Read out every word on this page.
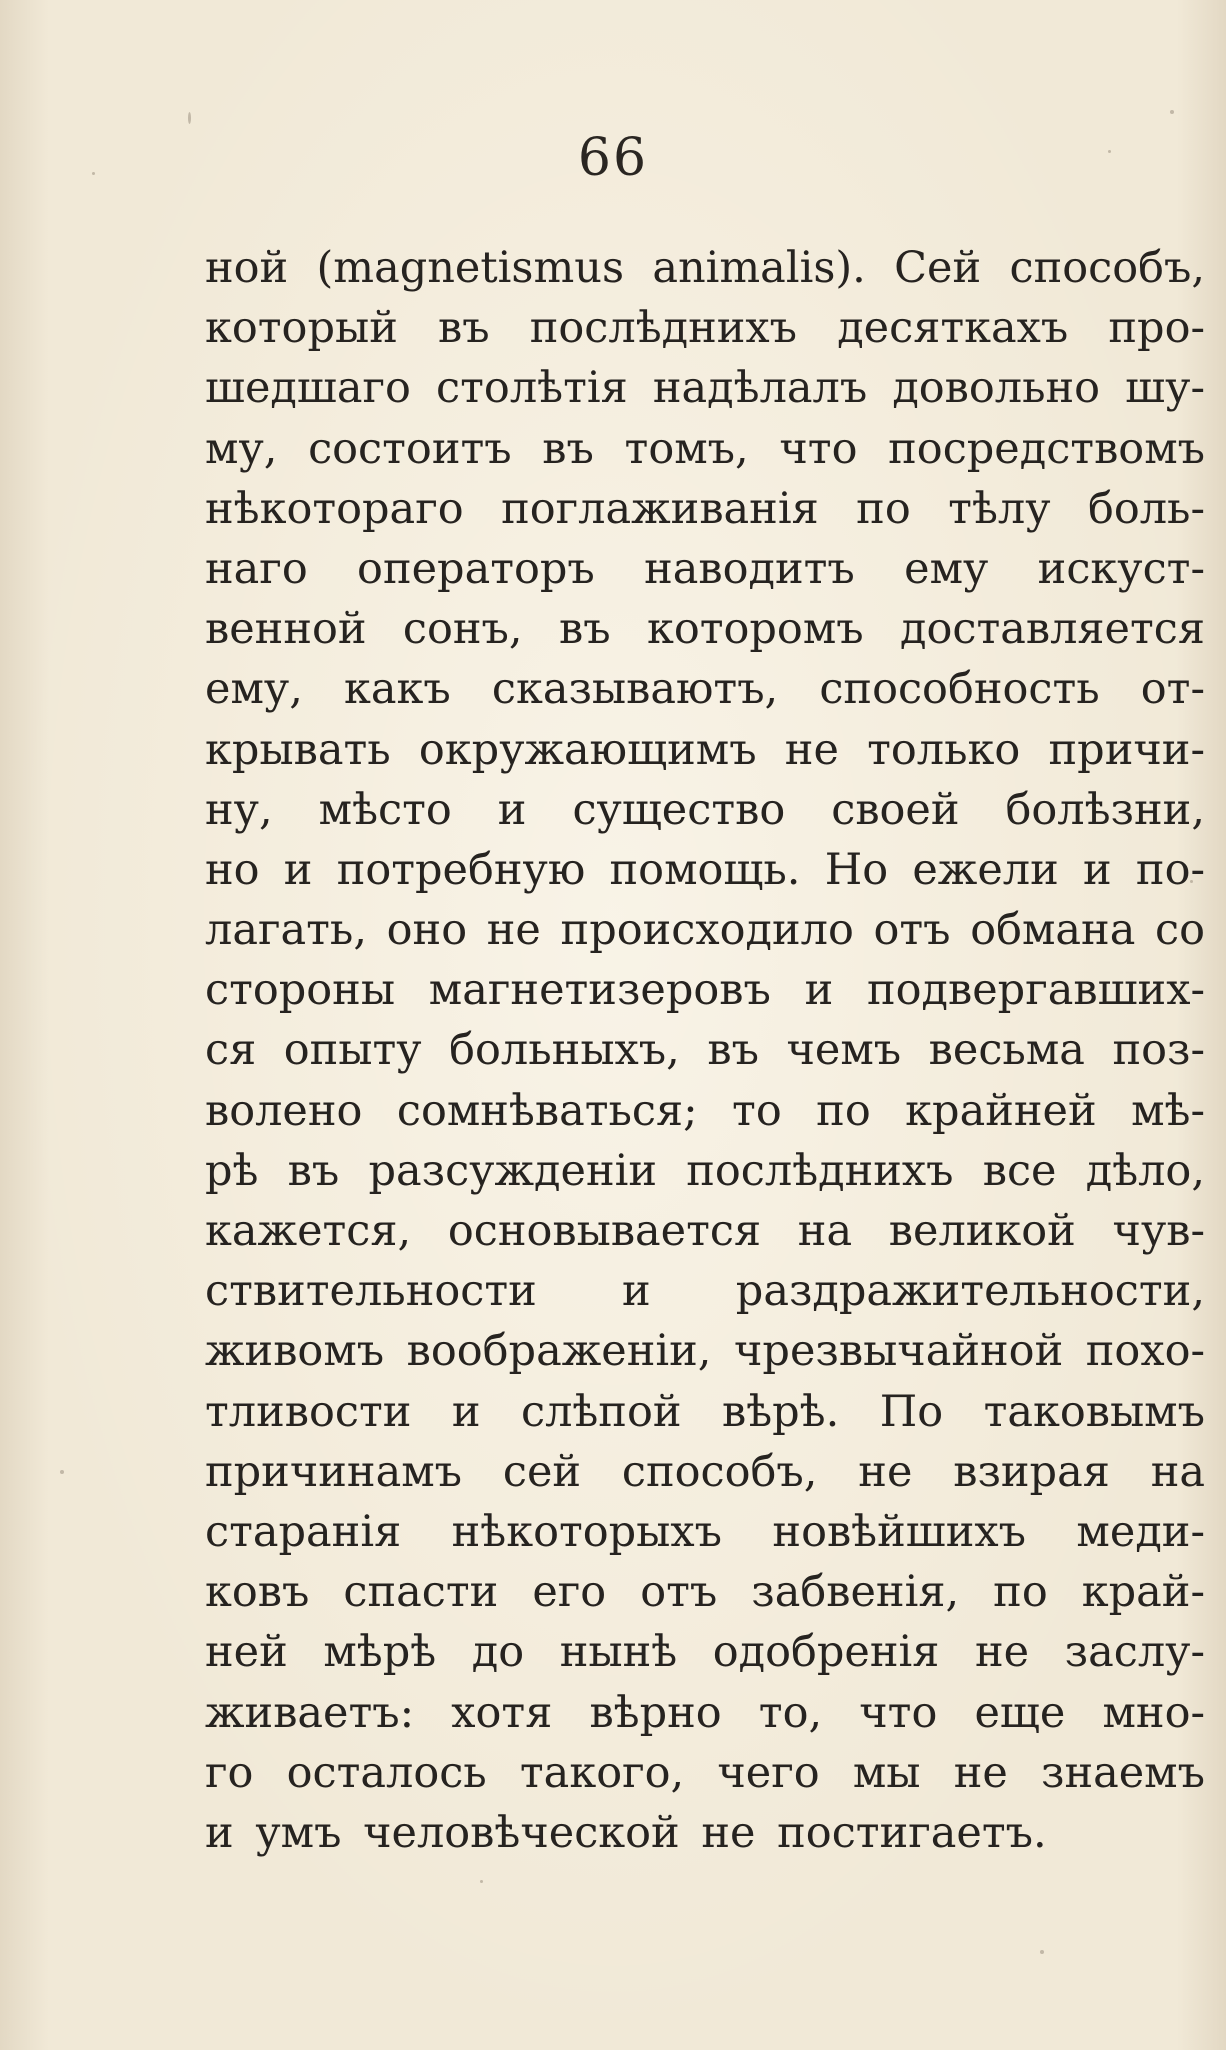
66
ной (magnetismus animalis). Сей способъ,
который въ послѣднихъ десяткахъ про-
шедшаго столѣтія надѣлалъ довольно шу-
му, состоитъ въ томъ, что посредствомъ
нѣкотораго поглаживанія по тѣлу боль-
наго операторъ наводитъ ему искуст-
венной сонъ, въ которомъ доставляется
ему, какъ сказываютъ, способность от-
крывать окружающимъ не только причи-
ну, мѣсто и существо своей болѣзни,
но и потребную помощь. Но ежели и по-
лагать, оно не происходило отъ обмана со
стороны магнетизеровъ и подвергавших-
ся опыту больныхъ, въ чемъ весьма поз-
волено сомнѣваться; то по крайней мѣ-
рѣ въ разсужденіи послѣднихъ все дѣло,
кажется, основывается на великой чув-
ствительности и раздражительности,
живомъ воображеніи, чрезвычайной похо-
тливости и слѣпой вѣрѣ. По таковымъ
причинамъ сей способъ, не взирая на
старанія нѣкоторыхъ новѣйшихъ меди-
ковъ спасти его отъ забвенія, по край-
ней мѣрѣ до нынѣ одобренія не заслу-
живаетъ: хотя вѣрно то, что еще мно-
го осталось такого, чего мы не знаемъ
и умъ человѣческой не постигаетъ.
